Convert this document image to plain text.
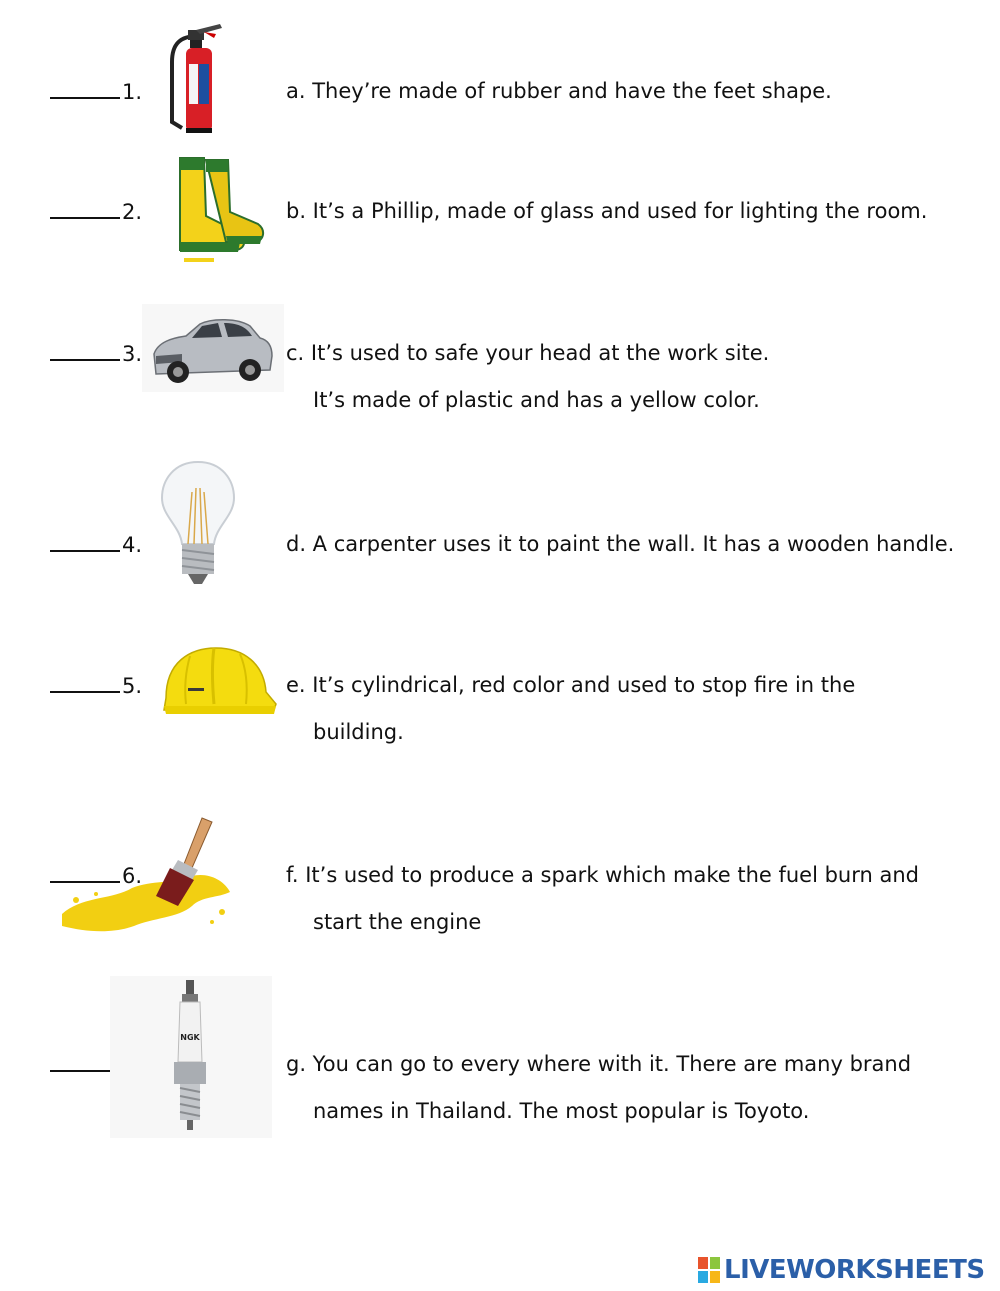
1.
2.
3.
4.
5.
6.
a. They’re made of rubber and have the feet shape.
b. It’s a Phillip, made of glass and used for lighting the room.
c. It’s used to safe your head at the work site.
It’s made of plastic and has a yellow color.
d. A carpenter uses it to paint the wall. It has a wooden handle.
e. It’s cylindrical, red color and used to stop fire in the
building.
f. It’s used to produce a spark which make the fuel burn and
start the engine
g. You can go to every where with it. There are many brand
names in Thailand. The most popular is Toyoto.
NGK
LIVEWORKSHEETS
